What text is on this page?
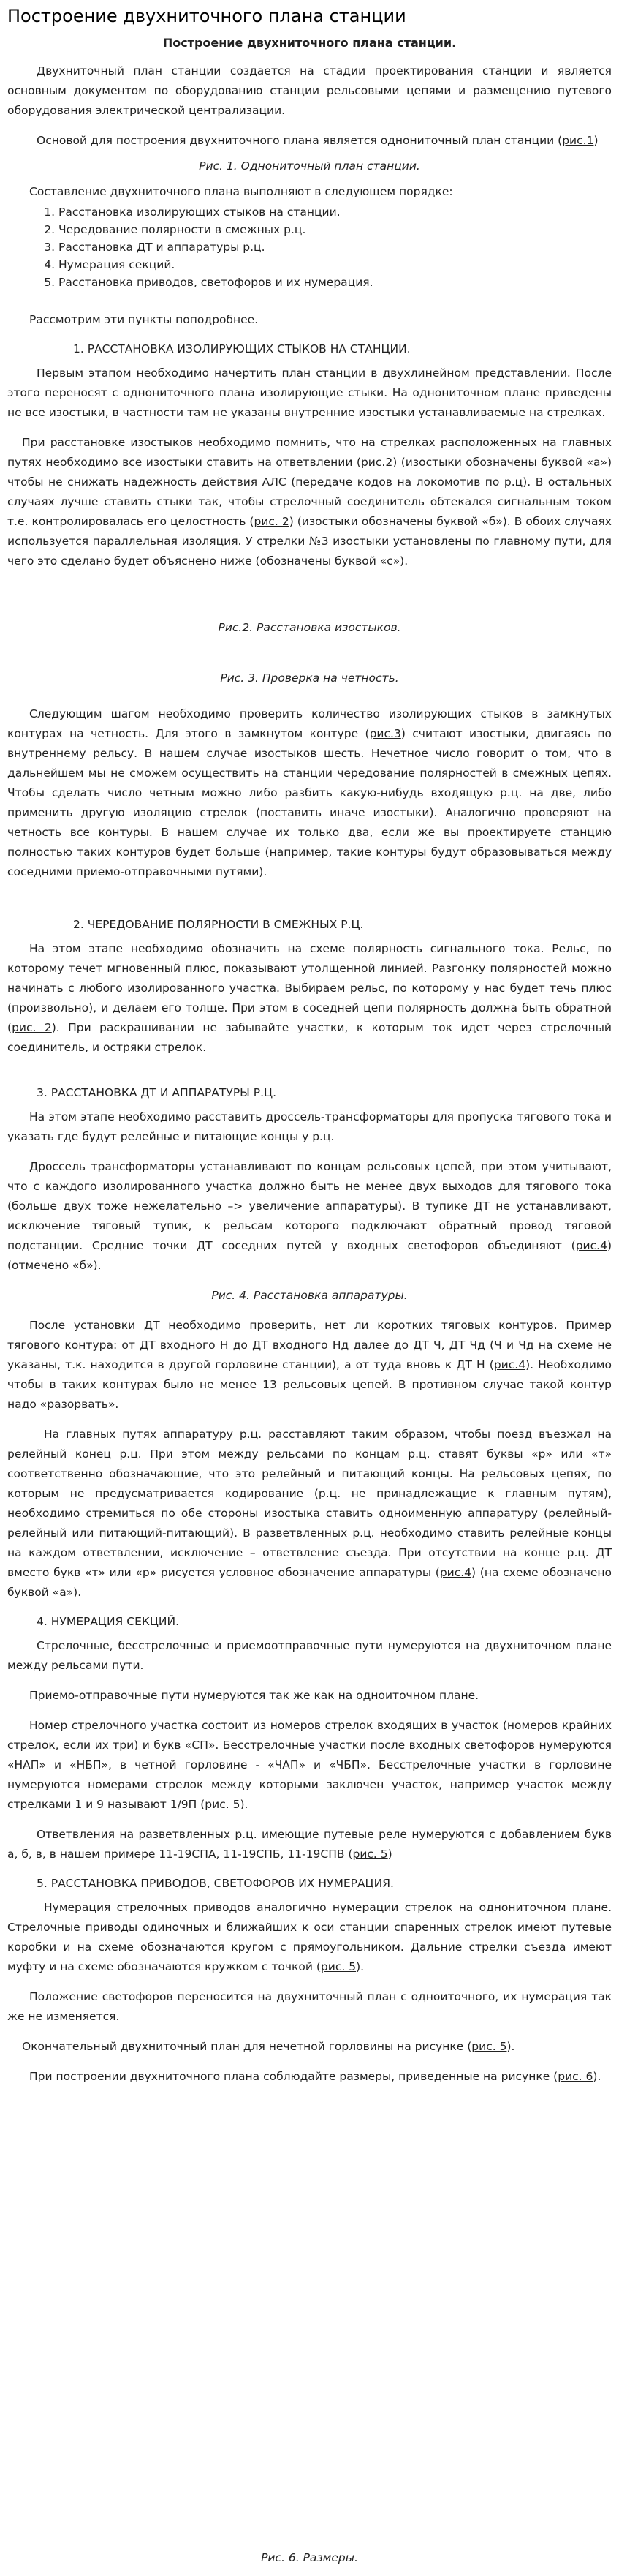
Построение двухниточного плана станции
Построение двухниточного плана станции.

Двухниточный план станции создается на стадии проектирования станции и является основным документом по оборудованию станции рельсовыми цепями и размещению путевого оборудования электрической централизации.

Основой для построения двухниточного плана является однониточный план станции (рис.1)

Рис. 1. Однониточный план станции.

Составление двухниточного плана выполняют в следующем порядке:

1. Расстановка изолирующих стыков на станции.
2. Чередование полярности в смежных р.ц.
3. Расстановка ДТ и аппаратуры р.ц.
4. Нумерация секций.
5. Расстановка приводов, светофоров и их нумерация.

Рассмотрим эти пункты поподробнее.

1. РАССТАНОВКА ИЗОЛИРУЮЩИХ СТЫКОВ НА СТАНЦИИ.

Первым этапом необходимо начертить план станции в двухлинейном представлении. После этого переносят с однониточного плана изолирующие стыки. На однониточном плане приведены не все изостыки, в частности там не указаны внутренние изостыки устанавливаемые на стрелках.

При расстановке изостыков необходимо помнить, что на стрелках расположенных на главных путях необходимо все изостыки ставить на ответвлении (рис.2) (изостыки обозначены буквой «а») чтобы не снижать надежность действия АЛС (передаче кодов на локомотив по р.ц). В остальных случаях лучше ставить стыки так, чтобы стрелочный соединитель обтекался сигнальным током т.е. контролировалась его целостность (рис. 2) (изостыки обозначены буквой «б»). В обоих случаях используется параллельная изоляция. У стрелки №3 изостыки установлены по главному пути, для чего это сделано будет объяснено ниже (обозначены буквой «с»).

Рис.2. Расстановка изостыков.

Рис. 3. Проверка на четность.

Следующим шагом необходимо проверить количество изолирующих стыков в замкнутых контурах на четность. Для этого в замкнутом контуре (рис.3) считают изостыки, двигаясь по внутреннему рельсу. В нашем случае изостыков шесть. Нечетное число говорит о том, что в дальнейшем мы не сможем осуществить на станции чередование полярностей в смежных цепях. Чтобы сделать число четным можно либо разбить какую-нибудь входящую р.ц. на две, либо применить другую изоляцию стрелок (поставить иначе изостыки). Аналогично проверяют на четность все контуры. В нашем случае их только два, если же вы проектируете станцию полностью таких контуров будет больше (например, такие контуры будут образовываться между соседними приемо-отправочными путями).

2. ЧЕРЕДОВАНИЕ ПОЛЯРНОСТИ В СМЕЖНЫХ Р.Ц.

На этом этапе необходимо обозначить на схеме полярность сигнального тока. Рельс, по которому течет мгновенный плюс, показывают утолщенной линией. Разгонку полярностей можно начинать с любого изолированного участка. Выбираем рельс, по которому у нас будет течь плюс (произвольно), и делаем его толще. При этом в соседней цепи полярность должна быть обратной (рис. 2). При раскрашивании не забывайте участки, к которым ток идет через стрелочный соединитель, и остряки стрелок.

3. РАССТАНОВКА ДТ И АППАРАТУРЫ Р.Ц.

На этом этапе необходимо расставить дроссель-трансформаторы для пропуска тягового тока и указать где будут релейные и питающие концы у р.ц.

Дроссель трансформаторы устанавливают по концам рельсовых цепей, при этом учитывают, что с каждого изолированного участка должно быть не менее двух выходов для тягового тока (больше двух тоже нежелательно –> увеличение аппаратуры). В тупике ДТ не устанавливают, исключение тяговый тупик, к рельсам которого подключают обратный провод тяговой подстанции. Средние точки ДТ соседних путей у входных светофоров объединяют (рис.4) (отмечено «б»).

Рис. 4. Расстановка аппаратуры.

После установки ДТ необходимо проверить, нет ли коротких тяговых контуров. Пример тягового контура: от ДТ входного Н до ДТ входного Нд далее до ДТ Ч, ДТ Чд (Ч и Чд на схеме не указаны, т.к. находится в другой горловине станции), а от туда вновь к ДТ Н (рис.4). Необходимо чтобы в таких контурах было не менее 13 рельсовых цепей. В противном случае такой контур надо «разорвать».

На главных путях аппаратуру р.ц. расставляют таким образом, чтобы поезд въезжал на релейный конец р.ц. При этом между рельсами по концам р.ц. ставят буквы «р» или «т» соответственно обозначающие, что это релейный и питающий концы. На рельсовых цепях, по которым не предусматривается кодирование (р.ц. не принадлежащие к главным путям), необходимо стремиться по обе стороны изостыка ставить одноименную аппаратуру (релейный-релейный или питающий-питающий). В разветвленных р.ц. необходимо ставить релейные концы на каждом ответвлении, исключение – ответвление съезда. При отсутствии на конце р.ц. ДТ вместо букв «т» или «р» рисуется условное обозначение аппаратуры (рис.4) (на схеме обозначено буквой «а»).

4. НУМЕРАЦИЯ СЕКЦИЙ.

Стрелочные, бесстрелочные и приемоотправочные пути нумеруются на двухниточном плане между рельсами пути.

Приемо-отправочные пути нумеруются так же как на одноиточном плане.

Номер стрелочного участка состоит из номеров стрелок входящих в участок (номеров крайних стрелок, если их три) и букв «СП». Бесстрелочные участки после входных светофоров нумеруются «НАП» и «НБП», в четной горловине - «ЧАП» и «ЧБП». Бесстрелочные участки в горловине нумеруются номерами стрелок между которыми заключен участок, например участок между стрелками 1 и 9 называют 1/9П (рис. 5).

Ответвления на разветвленных р.ц. имеющие путевые реле нумеруются с добавлением букв а, б, в, в нашем примере 11-19СПА, 11-19СПБ, 11-19СПВ (рис. 5)

5. РАССТАНОВКА ПРИВОДОВ, СВЕТОФОРОВ ИХ НУМЕРАЦИЯ.

Нумерация стрелочных приводов аналогично нумерации стрелок на однониточном плане. Стрелочные приводы одиночных и ближайших к оси станции спаренных стрелок имеют путевые коробки и на схеме обозначаются кругом с прямоугольником. Дальние стрелки съезда имеют муфту и на схеме обозначаются кружком с точкой (рис. 5).

Положение светофоров переносится на двухниточный план с одноиточного, их нумерация так же не изменяется.

Окончательный двухниточный план для нечетной горловины на рисунке (рис. 5).

При построении двухниточного плана соблюдайте размеры, приведенные на рисунке (рис. 6).

Рис. 6. Размеры.
